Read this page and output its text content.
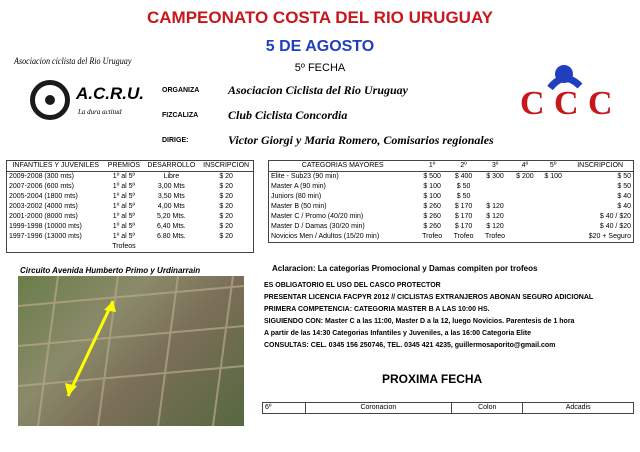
CAMPEONATO COSTA DEL RIO URUGUAY
5 DE AGOSTO
5º FECHA
Asociacion ciclista del Rio Uruguay
A.C.R.U.
La dura actitud
ORGANIZA Asociacion Ciclista del Rio Uruguay
FIZCALIZA Club Ciclista Concordia
DIRIGE:	Victor Giorgi y Maria Romero, Comisarios regionales
C C C
INFANTILES Y JUVENILES	PREMIOS	DESARROLLO	INSCRIPCION
2009-2008 (300 mts)	1º al 5º	Libre	$ 20
2007-2006 (600 mts)	1º al 5º	3,00 Mts	$ 20
2005-2004 (1800 mts)	1º al 5º	3,50 Mts	$ 20
2003-2002 (4000 mts)	1º al 5º	4,00 Mts	$ 20
2001-2000 (8000 mts)	1º al 5º	5,20 Mts.	$ 20
1999-1998 (10000 mts)	1º al 5º	6,40 Mts.	$ 20
1997-1996 (13000 mts)	1º al 5º	6.80 Mts.	$ 20
	Trofeos		
CATEGORIAS MAYORES	1º	2º	3º	4º	5º	INSCRIPCION
Elite - Sub23 (90 min)	$ 500	$ 400	$ 300	$ 200	$ 100	$ 50
Master A (90 min)	$ 100	$ 50				$ 50
Juniors (80 min)	$ 100	$ 50				$ 40
Master B (50 min)	$ 260	$ 170	$ 120			$ 40
Master C / Promo (40/20 min)	$ 260	$ 170	$ 120			$ 40 / $20
Master D / Damas (30/20 min)	$ 260	$ 170	$ 120			$ 40 / $20
Novicios Men / Adultos (15/20 min)	Trofeo	Trofeo	Trofeo			$20 + Seguro
Circuito Avenida Humberto Primo y Urdinarrain	Aclaracion: La categorias Promocional y Damas compiten por trofeos
ES OBLIGATORIO EL USO DEL CASCO PROTECTOR
PRESENTAR LICENCIA FACPYR 2012 // CICLISTAS EXTRANJEROS ABONAN SEGURO ADICIONAL
PRIMERA COMPETENCIA: CATEGORIA MASTER B A LAS 10:00 HS.
SIGUIENDO CON: Master C a las 11:00, Master D a la 12, luego Novicios. Parentesis de 1 hora
A partir de las 14:30 Categorias Infantiles y Juveniles, a las 16:00 Categoria Elite
CONSULTAS: CEL. 0345 156 250746, TEL. 0345 421 4235, guillermosaporito@gmail.com
PROXIMA FECHA
6º	Coronacion	Colon	Adcadis
